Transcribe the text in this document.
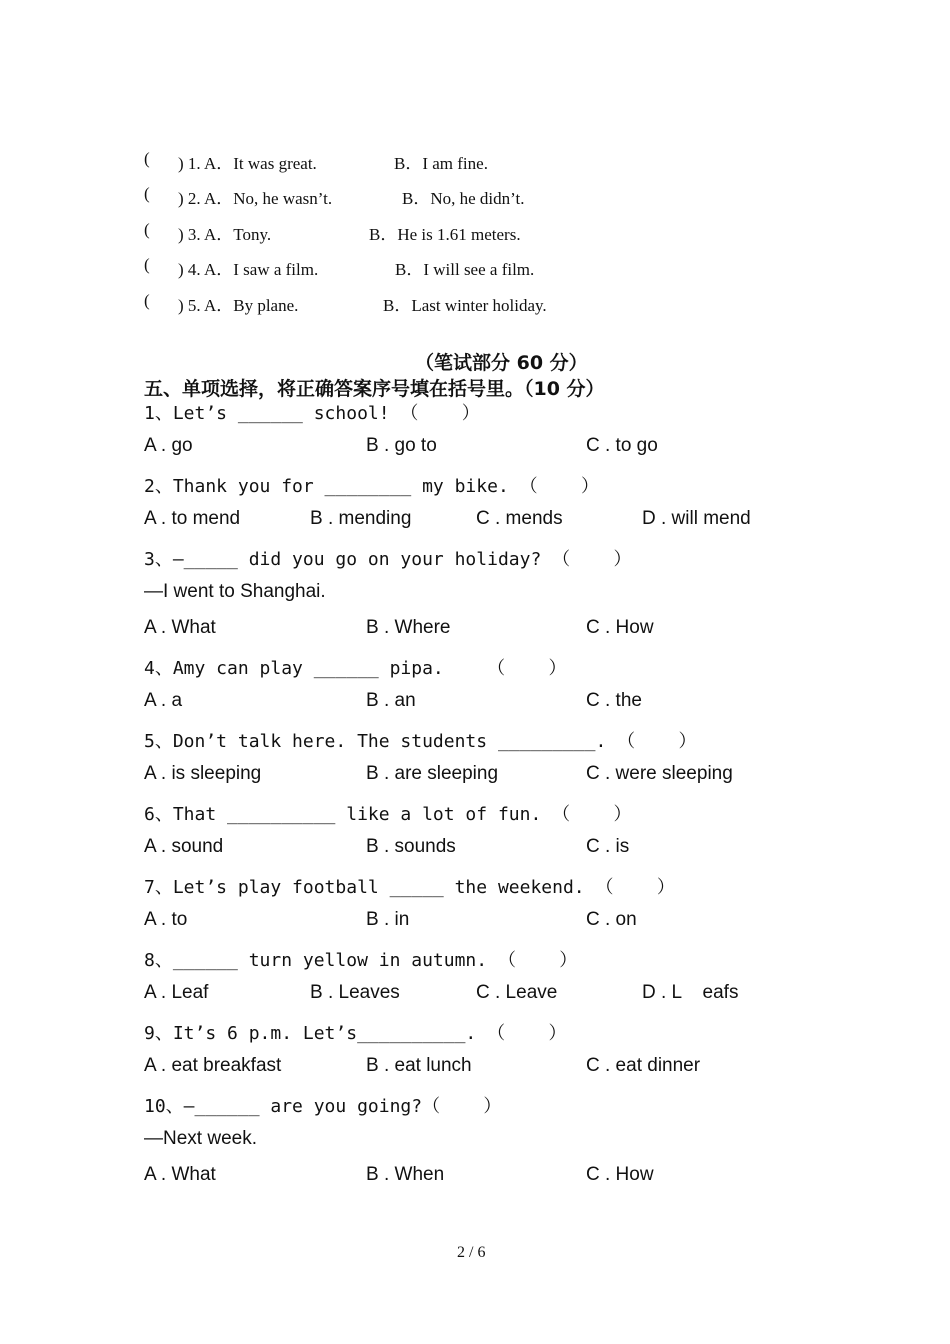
( ) 1. A．It was great.	B．I am fine.
( ) 2. A．No, he wasn’t.	B．No, he didn’t.
( ) 3. A．Tony.	B．He is 1.61 meters.
( ) 4. A．I saw a film.	B．I will see a film.
( ) 5. A．By plane.	B．Last winter holiday.
（笔试部分 60 分）
五、单项选择，将正确答案序号填在括号里。（10 分）
1、Let’s ______ school! （    ）
A . go	B . go to	C . to go
2、Thank you for ________ my bike. （    ）
A . to mend	B . mending	C . mends	D . will mend
3、—_____ did you go on your holiday? （    ）
—I went to Shanghai.
A . What	B . Where	C . How
4、Amy can play ______ pipa.    （    ）
A . a	B . an	C . the
5、Don’t talk here. The students _________. （    ）
A . is sleeping	B . are sleeping	C . were sleeping
6、That __________ like a lot of fun. （    ）
A . sound	B . sounds	C . is
7、Let’s play football _____ the weekend. （    ）
A . to	B . in	C . on
8、______ turn yellow in autumn. （    ）
A . Leaf	B . Leaves	C . Leave	D . L    eafs
9、It’s 6 p.m. Let’s__________. （    ）
A . eat breakfast	B . eat lunch	C . eat dinner
10、—______ are you going?（    ）
—Next week.
A . What	B . When	C . How
2 / 6
